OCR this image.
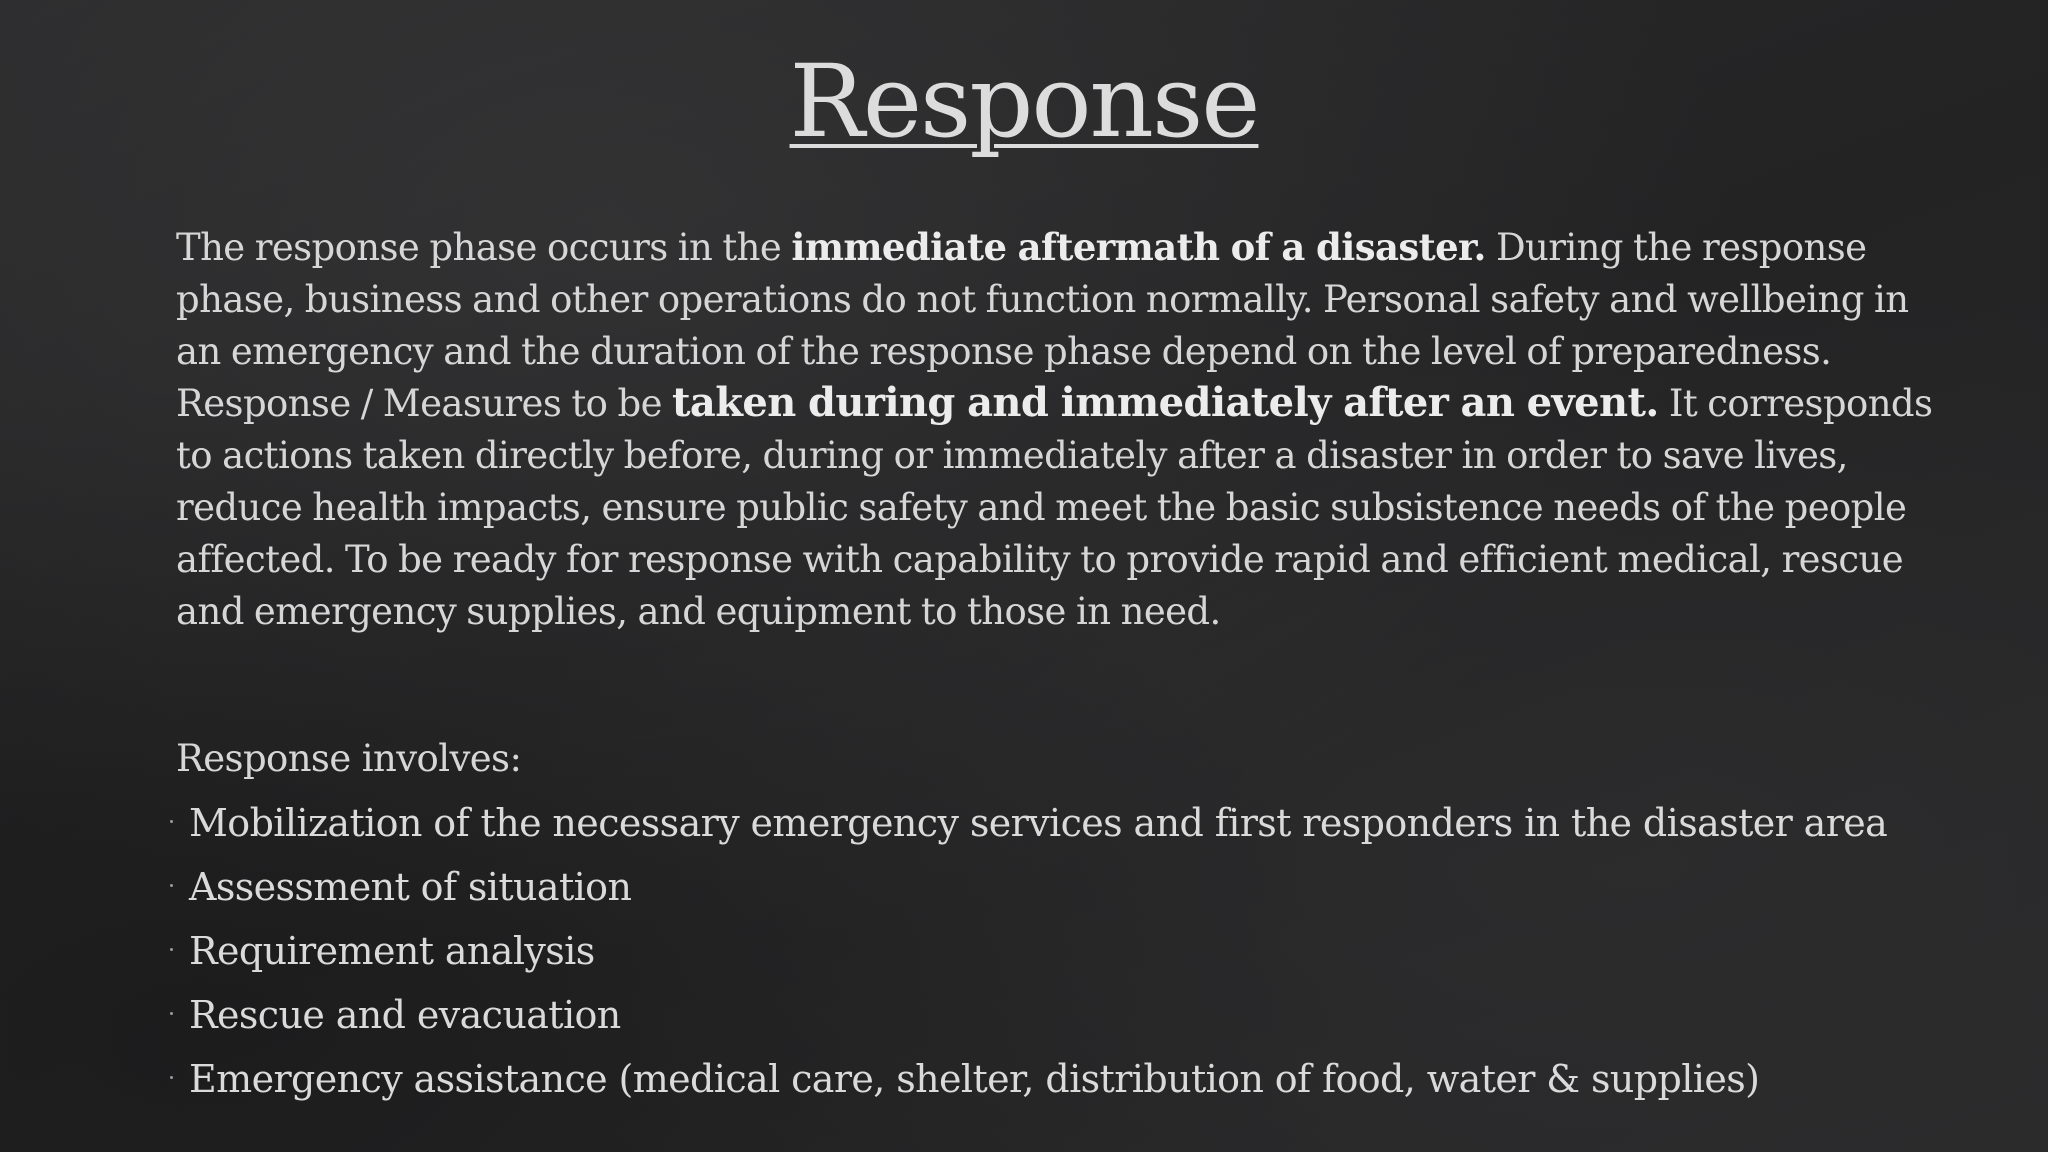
Response

The response phase occurs in the immediate aftermath of a disaster. During the response phase, business and other operations do not function normally. Personal safety and wellbeing in an emergency and the duration of the response phase depend on the level of preparedness. Response / Measures to be taken during and immediately after an event. It corresponds to actions taken directly before, during or immediately after a disaster in order to save lives, reduce health impacts, ensure public safety and meet the basic subsistence needs of the people affected. To be ready for response with capability to provide rapid and efficient medical, rescue and emergency supplies, and equipment to those in need.

Response involves:

Mobilization of the necessary emergency services and first responders in the disaster area
Assessment of situation
Requirement analysis
Rescue and evacuation
Emergency assistance (medical care, shelter, distribution of food, water & supplies)
